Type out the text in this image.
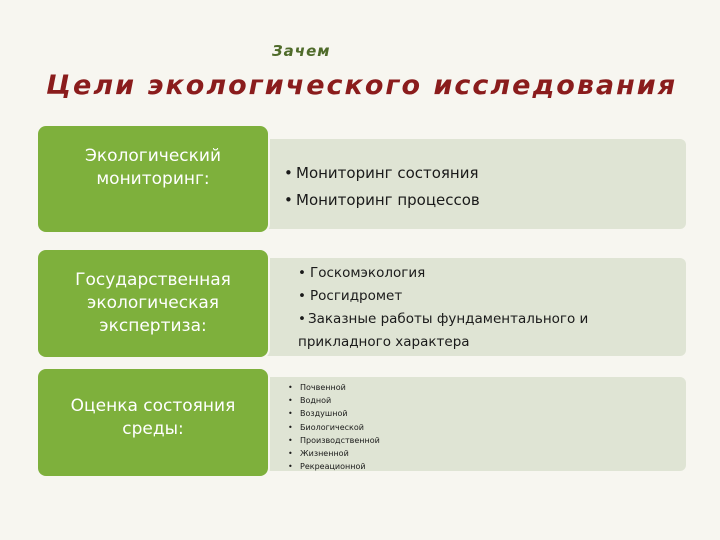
Зачем
Цели экологического исследования
Экологический мониторинг:
•	Мониторинг состояния
• Мониторинг процессов
Государственная экологическая экспертиза:
• Госкомэкология
• Росгидромет
• Заказные работы фундаментального и прикладного характера
Оценка состояния среды:
• Почвенной
• Водной
• Воздушной
• Биологической
• Производственной
• Жизненной
• Рекреационной
